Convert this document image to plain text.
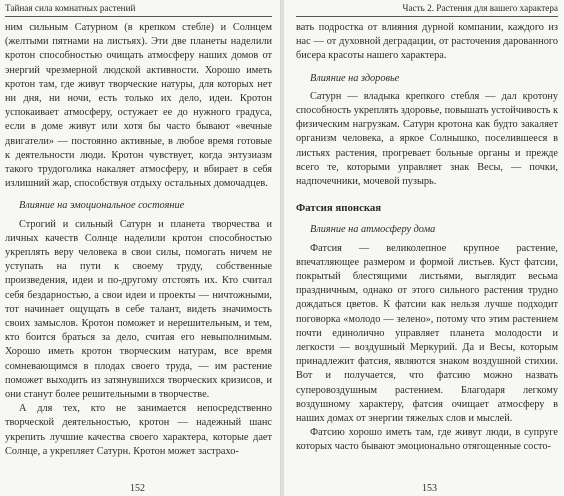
Тайная сила комнатных растений

ним сильным Сатурном (в крепком стебле) и Солнцем (желтыми пятнами на листьях). Эти две планеты наделили кротон способностью очищать атмосферу наших домов от энергий чрезмерной людской активности. Хорошо иметь кротон там, где живут творческие натуры, для которых нет ни дня, ни ночи, есть только их дело, идеи. Кротон успокаивает атмосферу, остужает ее до нужного градуса, если в доме живут или хотя бы часто бывают «вечные двигатели» — постоянно активные, в любое время готовые к деятельности люди. Кротон чувствует, когда энтузиазм такого трудоголика накаляет атмосферу, и вбирает в себя излишний жар, способствуя отдыху остальных домочадцев.

Влияние на эмоциональное состояние

Строгий и сильный Сатурн и планета творчества и личных качеств Солнце наделили кротон способностью укреплять веру человека в свои силы, помогать ничем не уступать на пути к своему труду, собственные произведения, идеи и по-другому отстоять их. Кто считал себя бездарностью, а свои идеи и проекты — ничтожными, тот начинает ощущать в себе талант, видеть значимость своих замыслов. Кротон поможет и нерешительным, и тем, кто боится браться за дело, считая его невыполнимым. Хорошо иметь кротон творческим натурам, все время сомневающимся в плодах своего труда, — им растение поможет выходить из затянувшихся творческих кризисов, и они станут более решительными в творчестве.

А для тех, кто не занимается непосредственно творческой деятельностью, кротон — надежный шанс укрепить лучшие качества своего характера, которые дает Солнце, а укрепляет Сатурн. Кротон может застрахо-

152
Часть 2. Растения для вашего характера

вать подростка от влияния дурной компании, каждого из нас — от духовной деградации, от расточения дарованного бисера красоты нашего характера.

Влияние на здоровье

Сатурн — владыка крепкого стебля — дал кротону способность укреплять здоровье, повышать устойчивость к физическим нагрузкам. Сатурн кротона как будто закаляет организм человека, а яркое Солнышко, поселившееся в листьях растения, прогревает больные органы и прежде всего те, которыми управляет знак Весы, — почки, надпочечники, мочевой пузырь.

Фатсия японская

Влияние на атмосферу дома

Фатсия — великолепное крупное растение, впечатляющее размером и формой листьев. Куст фатсии, покрытый блестящими листьями, выглядит весьма праздничным, однако от этого сильного растения трудно дождаться цветов. К фатсии как нельзя лучше подходит поговорка «молодо — зелено», потому что этим растением почти единолично управляет планета молодости и легкости — воздушный Меркурий. Да и Весы, которым принадлежит фатсия, являются знаком воздушной стихии. Вот и получается, что фатсию можно назвать суперовоздушным растением. Благодаря легкому воздушному характеру, фатсия очищает атмосферу в наших домах от энергии тяжелых слов и мыслей.

Фатсию хорошо иметь там, где живут люди, в супруге которых часто бывают эмоционально отягощенные состо-

153
